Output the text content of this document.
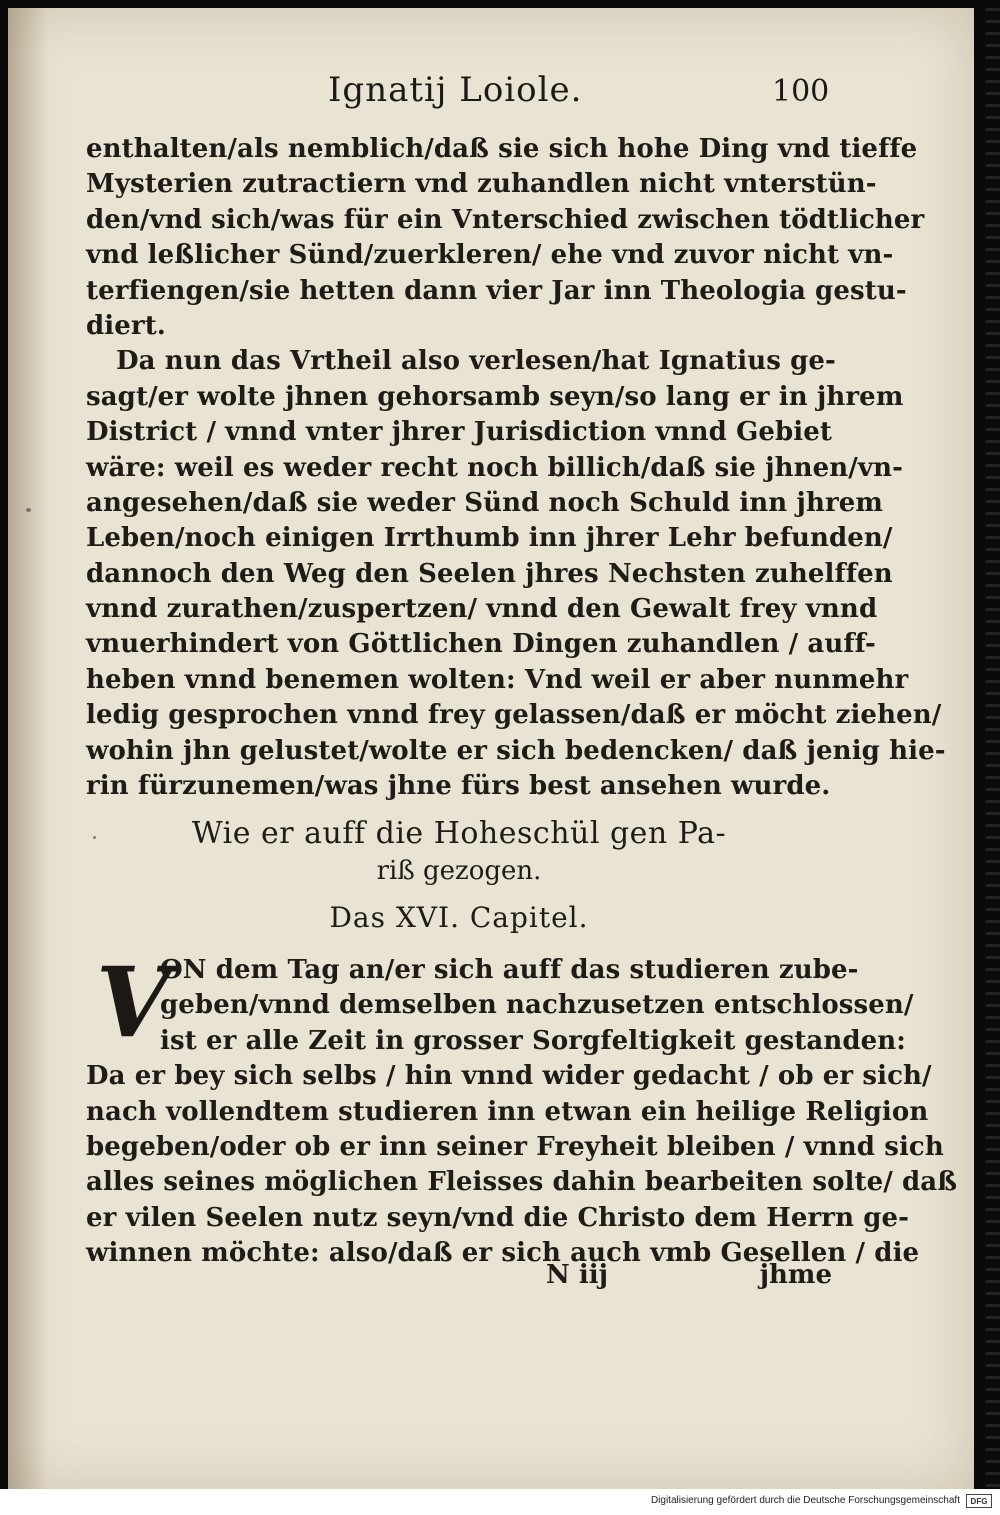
Ignatij Loiole.	100
enthalten/als nemblich/daß sie sich hohe Ding vnd tieffe
Mysterien zutractiern vnd zuhandlen nicht vnterstün-
den/vnd sich/was für ein Vnterschied zwischen tödtlicher
vnd leßlicher Sünd/zuerkleren/ ehe vnd zuvor nicht vn-
terfiengen/sie hetten dann vier Jar inn Theologia gestu-
diert.
Da nun das Vrtheil also verlesen/hat Ignatius ge-
sagt/er wolte jhnen gehorsamb seyn/so lang er in jhrem
District / vnnd vnter jhrer Jurisdiction vnnd Gebiet
wäre: weil es weder recht noch billich/daß sie jhnen/vn-
angesehen/daß sie weder Sünd noch Schuld inn jhrem
Leben/noch einigen Irrthumb inn jhrer Lehr befunden/
dannoch den Weg den Seelen jhres Nechsten zuhelffen
vnnd zurathen/zuspertzen/ vnnd den Gewalt frey vnnd
vnuerhindert von Göttlichen Dingen zuhandlen / auff-
heben vnnd benemen wolten: Vnd weil er aber nunmehr
ledig gesprochen vnnd frey gelassen/daß er möcht ziehen/
wohin jhn gelustet/wolte er sich bedencken/ daß jenig hie-
rin fürzunemen/was jhne fürs best ansehen wurde.
Wie er auff die Hoheschül gen Pa-
riß gezogen.
Das XVI. Capitel.
V
ON dem Tag an/er sich auff das studieren zube-
geben/vnnd demselben nachzusetzen entschlossen/
ist er alle Zeit in grosser Sorgfeltigkeit gestanden:
Da er bey sich selbs / hin vnnd wider gedacht / ob er sich/
nach vollendtem studieren inn etwan ein heilige Religion
begeben/oder ob er inn seiner Freyheit bleiben / vnnd sich
alles seines möglichen Fleisses dahin bearbeiten solte/ daß
er vilen Seelen nutz seyn/vnd die Christo dem Herrn ge-
winnen möchte: also/daß er sich auch vmb Gesellen / die
N iij	jhme
Digitalisierung gefördert durch die Deutsche Forschungsgemeinschaft	DFG
